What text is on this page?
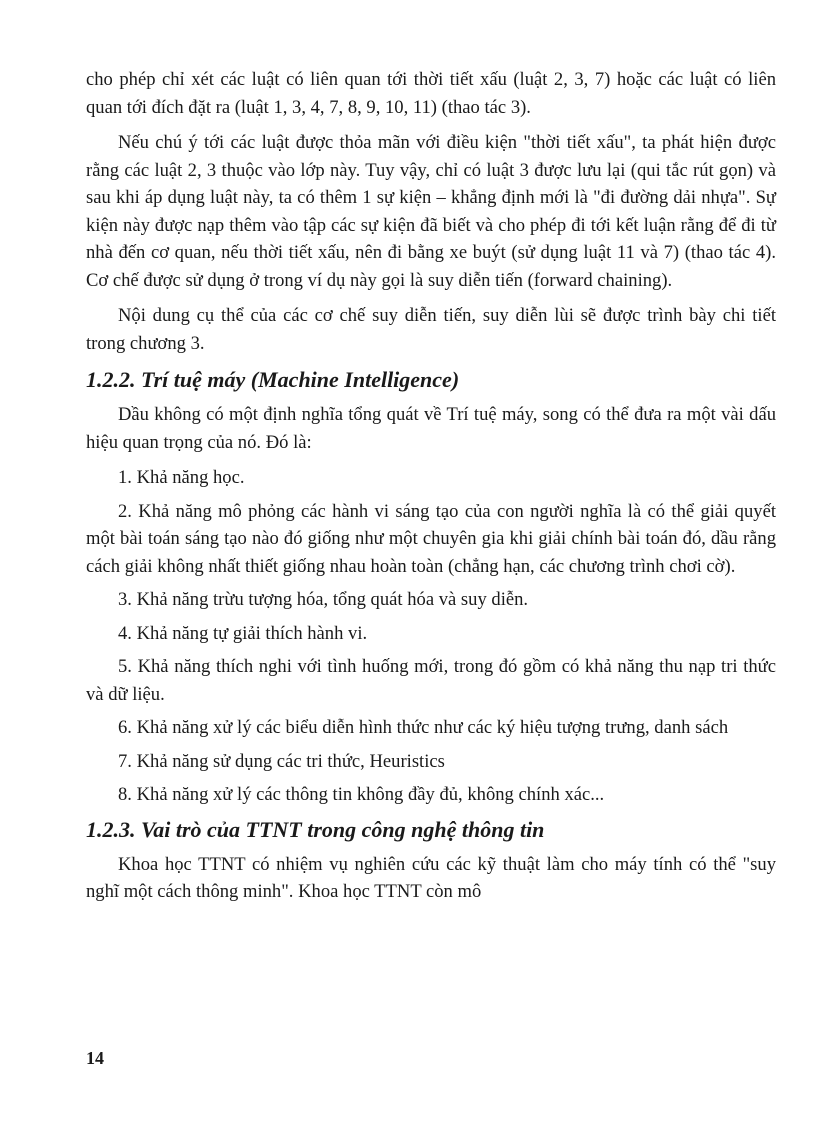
cho phép chỉ xét các luật có liên quan tới thời tiết xấu (luật 2, 3, 7) hoặc các luật có liên quan tới đích đặt ra (luật 1, 3, 4, 7, 8, 9, 10, 11) (thao tác 3).

Nếu chú ý tới các luật được thỏa mãn với điều kiện "thời tiết xấu", ta phát hiện được rằng các luật 2, 3 thuộc vào lớp này. Tuy vậy, chỉ có luật 3 được lưu lại (qui tắc rút gọn) và sau khi áp dụng luật này, ta có thêm 1 sự kiện – khẳng định mới là "đi đường dải nhựa". Sự kiện này được nạp thêm vào tập các sự kiện đã biết và cho phép đi tới kết luận rằng để đi từ nhà đến cơ quan, nếu thời tiết xấu, nên đi bằng xe buýt (sử dụng luật 11 và 7) (thao tác 4). Cơ chế được sử dụng ở trong ví dụ này gọi là suy diễn tiến (forward chaining).

Nội dung cụ thể của các cơ chế suy diễn tiến, suy diễn lùi sẽ được trình bày chi tiết trong chương 3.

1.2.2. Trí tuệ máy (Machine Intelligence)

Dầu không có một định nghĩa tổng quát về Trí tuệ máy, song có thể đưa ra một vài dấu hiệu quan trọng của nó. Đó là:

1. Khả năng học.

2. Khả năng mô phỏng các hành vi sáng tạo của con người nghĩa là có thể giải quyết một bài toán sáng tạo nào đó giống như một chuyên gia khi giải chính bài toán đó, dầu rằng cách giải không nhất thiết giống nhau hoàn toàn (chẳng hạn, các chương trình chơi cờ).

3. Khả năng trừu tượng hóa, tổng quát hóa và suy diễn.

4. Khả năng tự giải thích hành vi.

5. Khả năng thích nghi với tình huống mới, trong đó gồm có khả năng thu nạp tri thức và dữ liệu.

6. Khả năng xử lý các biểu diễn hình thức như các ký hiệu tượng trưng, danh sách

7. Khả năng sử dụng các tri thức, Heuristics

8. Khả năng xử lý các thông tin không đầy đủ, không chính xác...

1.2.3. Vai trò của TTNT trong công nghệ thông tin

Khoa học TTNT có nhiệm vụ nghiên cứu các kỹ thuật làm cho máy tính có thể "suy nghĩ một cách thông minh". Khoa học TTNT còn mô

14
